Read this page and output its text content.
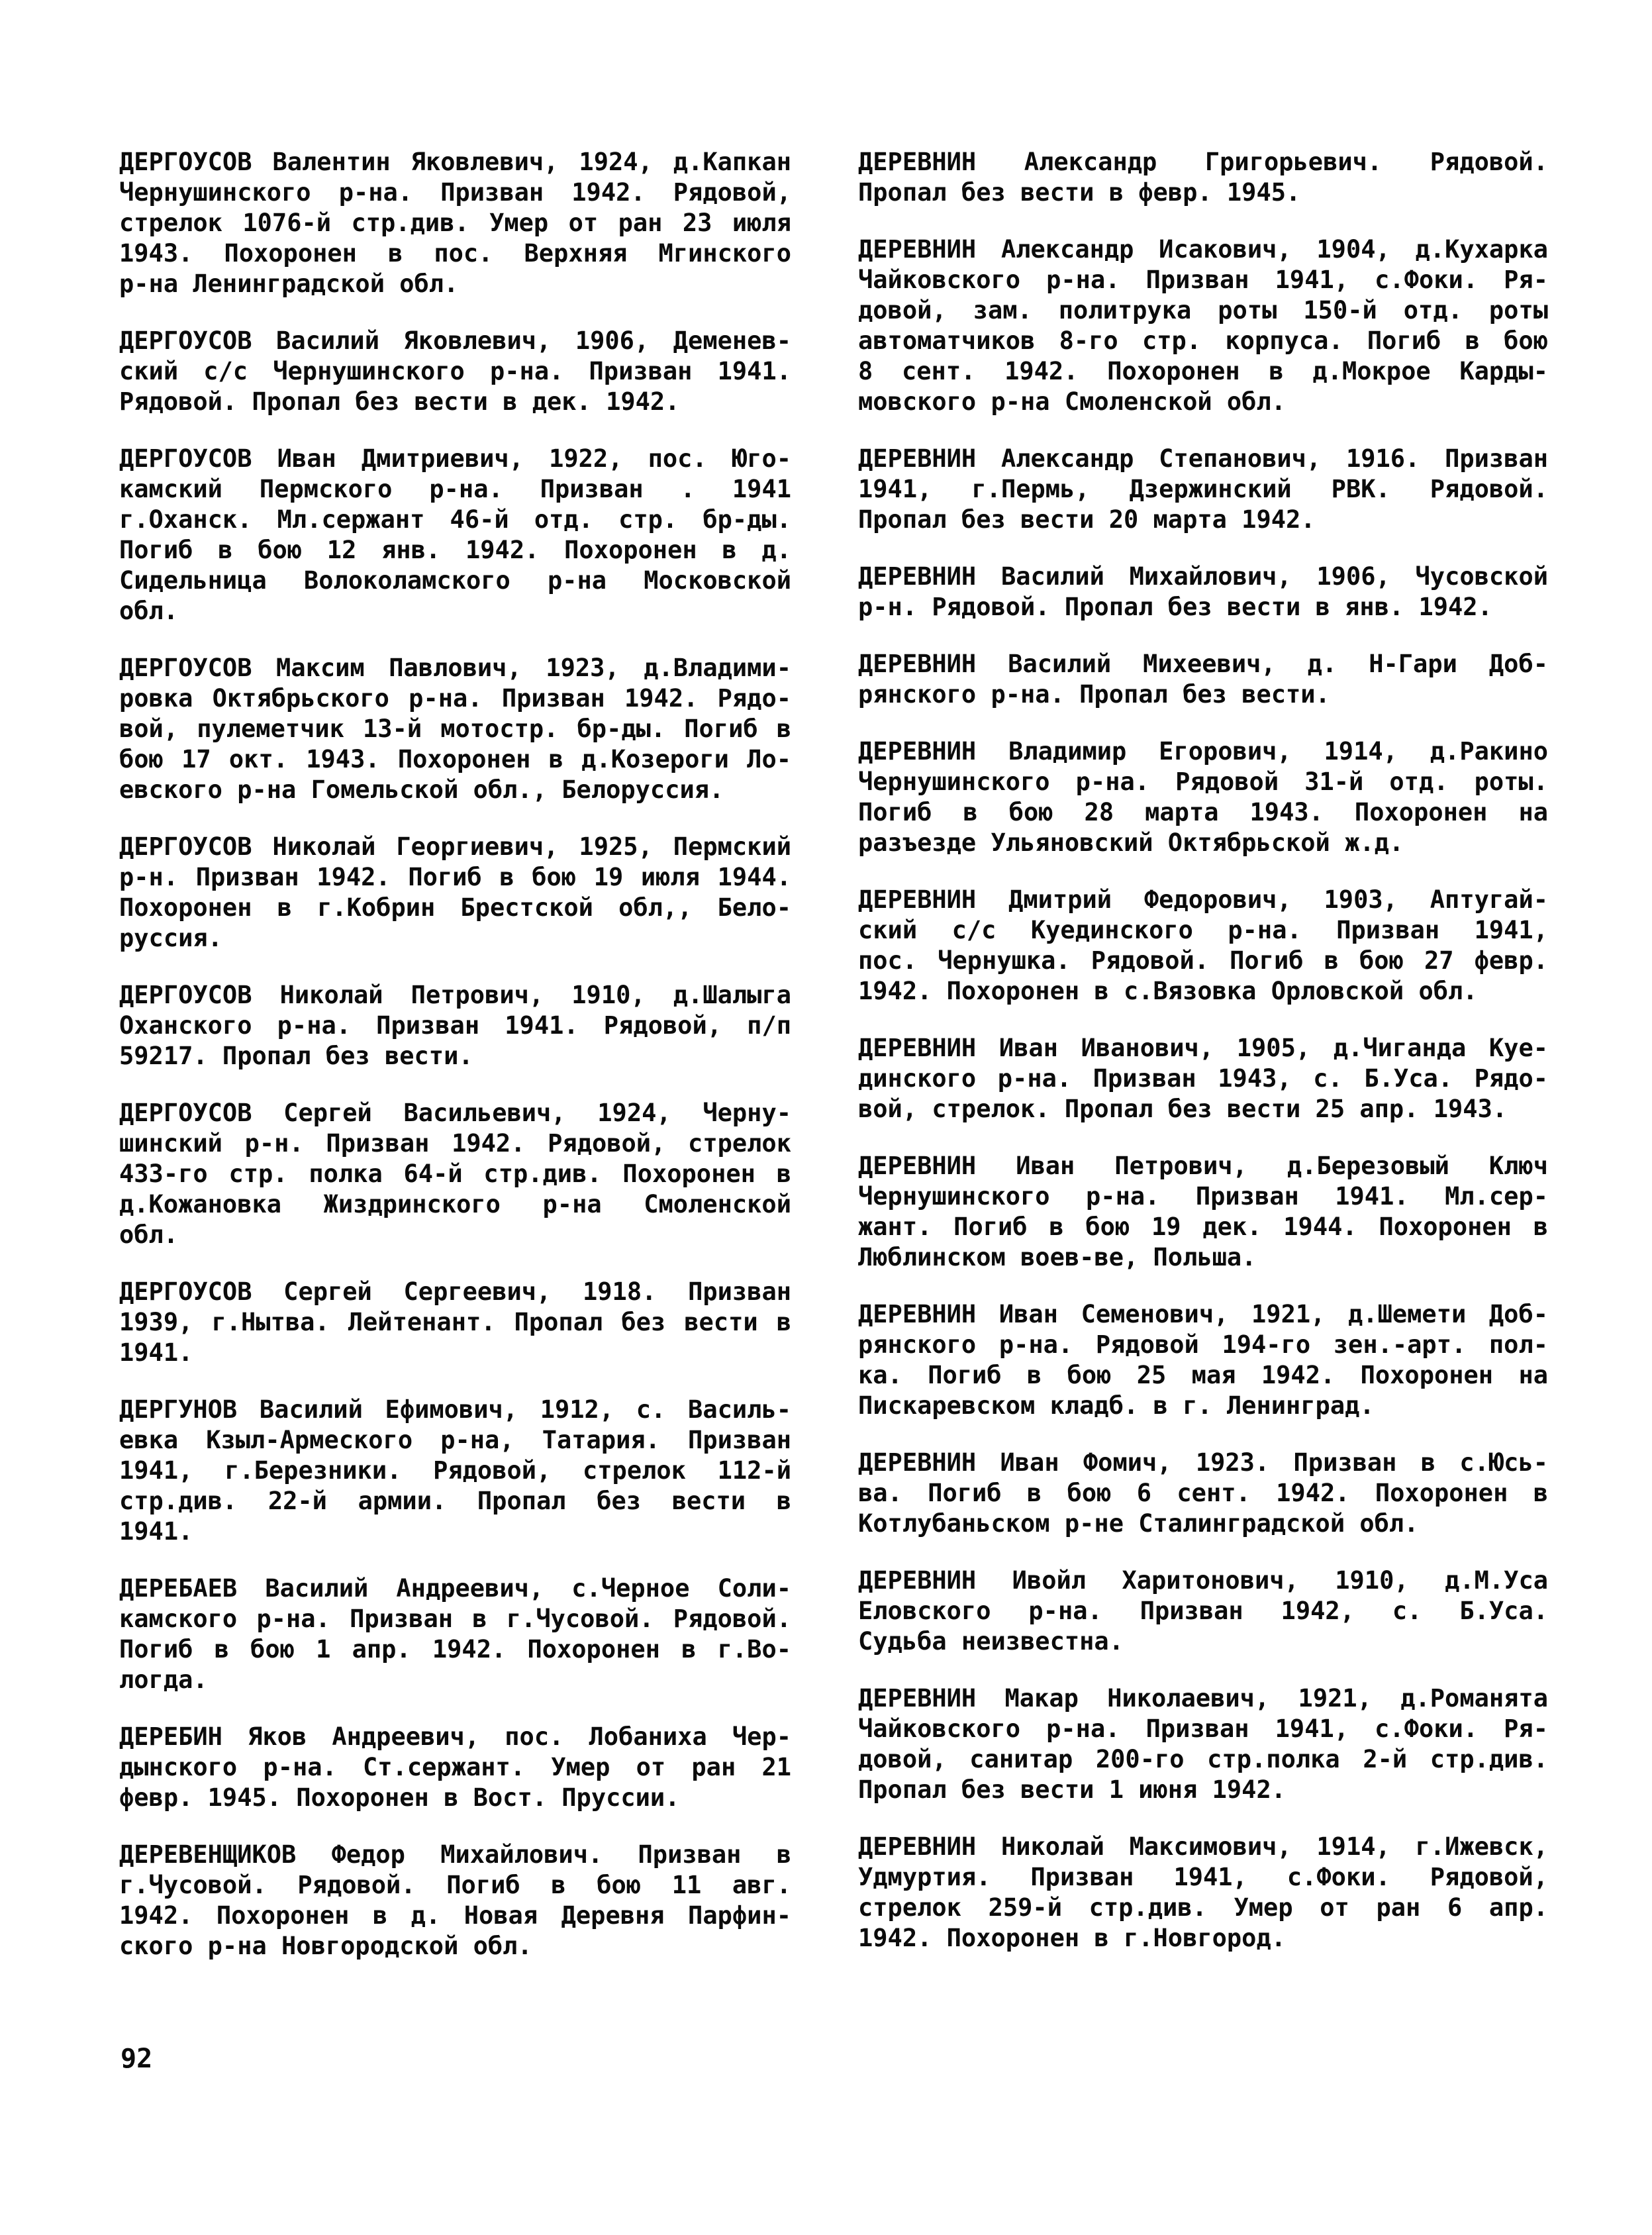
ДЕРГОУСОВ Валентин Яковлевич, 1924, д.Капкан
Чернушинского р-на. Призван 1942. Рядовой,
стрелок 1076-й стр.див. Умер от ран 23 июля
1943. Похоронен в пос. Верхняя Мгинского
р-на Ленинградской обл.
ДЕРГОУСОВ Василий Яковлевич, 1906, Деменев-
ский с/с Чернушинского р-на. Призван 1941.
Рядовой. Пропал без вести в дек. 1942.
ДЕРГОУСОВ Иван Дмитриевич, 1922, пос. Юго-
камский Пермского р-на. Призван . 1941
г.Оханск. Мл.сержант 46-й отд. стр. бр-ды.
Погиб в бою 12 янв. 1942. Похоронен в д.
Сидельница Волоколамского р-на Московской
обл.
ДЕРГОУСОВ Максим Павлович, 1923, д.Владими-
ровка Октябрьского р-на. Призван 1942. Рядо-
вой, пулеметчик 13-й мотостр. бр-ды. Погиб в
бою 17 окт. 1943. Похоронен в д.Козероги Ло-
евского р-на Гомельской обл., Белоруссия.
ДЕРГОУСОВ Николай Георгиевич, 1925, Пермский
р-н. Призван 1942. Погиб в бою 19 июля 1944.
Похоронен в г.Кобрин Брестской обл,, Бело-
руссия.
ДЕРГОУСОВ Николай Петрович, 1910, д.Шалыга
Оханского р-на. Призван 1941. Рядовой, п/п
59217. Пропал без вести.
ДЕРГОУСОВ Сергей Васильевич, 1924, Черну-
шинский р-н. Призван 1942. Рядовой, стрелок
433-го стр. полка 64-й стр.див. Похоронен в
д.Кожановка Жиздринского р-на Смоленской
обл.
ДЕРГОУСОВ Сергей Сергеевич, 1918. Призван
1939, г.Нытва. Лейтенант. Пропал без вести в
1941.
ДЕРГУНОВ Василий Ефимович, 1912, с. Василь-
евка Кзыл-Армеского р-на, Татария. Призван
1941, г.Березники. Рядовой, стрелок 112-й
стр.див. 22-й армии. Пропал без вести в
1941.
ДЕРЕБАЕВ Василий Андреевич, с.Черное Соли-
камского р-на. Призван в г.Чусовой. Рядовой.
Погиб в бою 1 апр. 1942. Похоронен в г.Во-
логда.
ДЕРЕБИН Яков Андреевич, пос. Лобаниха Чер-
дынского р-на. Ст.сержант. Умер от ран 21
февр. 1945. Похоронен в Вост. Пруссии.
ДЕРЕВЕНЩИКОВ Федор Михайлович. Призван в
г.Чусовой. Рядовой. Погиб в бою 11 авг.
1942. Похоронен в д. Новая Деревня Парфин-
ского р-на Новгородской обл.
ДЕРЕВНИН Александр Григорьевич. Рядовой.
Пропал без вести в февр. 1945.
ДЕРЕВНИН Александр Исакович, 1904, д.Кухарка
Чайковского р-на. Призван 1941, с.Фоки. Ря-
довой, зам. политрука роты 150-й отд. роты
автоматчиков 8-го стр. корпуса. Погиб в бою
8 сент. 1942. Похоронен в д.Мокрое Карды-
мовского р-на Смоленской обл.
ДЕРЕВНИН Александр Степанович, 1916. Призван
1941, г.Пермь, Дзержинский РВК. Рядовой.
Пропал без вести 20 марта 1942.
ДЕРЕВНИН Василий Михайлович, 1906, Чусовской
р-н. Рядовой. Пропал без вести в янв. 1942.
ДЕРЕВНИН Василий Михеевич, д. Н-Гари Доб-
рянского р-на. Пропал без вести.
ДЕРЕВНИН Владимир Егорович, 1914, д.Ракино
Чернушинского р-на. Рядовой 31-й отд. роты.
Погиб в бою 28 марта 1943. Похоронен на
разъезде Ульяновский Октябрьской ж.д.
ДЕРЕВНИН Дмитрий Федорович, 1903, Аптугай-
ский с/с Куединского р-на. Призван 1941,
пос. Чернушка. Рядовой. Погиб в бою 27 февр.
1942. Похоронен в с.Вязовка Орловской обл.
ДЕРЕВНИН Иван Иванович, 1905, д.Чиганда Куе-
динского р-на. Призван 1943, с. Б.Уса. Рядо-
вой, стрелок. Пропал без вести 25 апр. 1943.
ДЕРЕВНИН Иван Петрович, д.Березовый Ключ
Чернушинского р-на. Призван 1941. Мл.сер-
жант. Погиб в бою 19 дек. 1944. Похоронен в
Люблинском воев-ве, Польша.
ДЕРЕВНИН Иван Семенович, 1921, д.Шемети Доб-
рянского р-на. Рядовой 194-го зен.-арт. пол-
ка. Погиб в бою 25 мая 1942. Похоронен на
Пискаревском кладб. в г. Ленинград.
ДЕРЕВНИН Иван Фомич, 1923. Призван в с.Юсь-
ва. Погиб в бою 6 сент. 1942. Похоронен в
Котлубаньском р-не Сталинградской обл.
ДЕРЕВНИН Ивойл Харитонович, 1910, д.М.Уса
Еловского р-на. Призван 1942, с. Б.Уса.
Судьба неизвестна.
ДЕРЕВНИН Макар Николаевич, 1921, д.Романята
Чайковского р-на. Призван 1941, с.Фоки. Ря-
довой, санитар 200-го стр.полка 2-й стр.див.
Пропал без вести 1 июня 1942.
ДЕРЕВНИН Николай Максимович, 1914, г.Ижевск,
Удмуртия. Призван 1941, с.Фоки. Рядовой,
стрелок 259-й стр.див. Умер от ран 6 апр.
1942. Похоронен в г.Новгород.
92
